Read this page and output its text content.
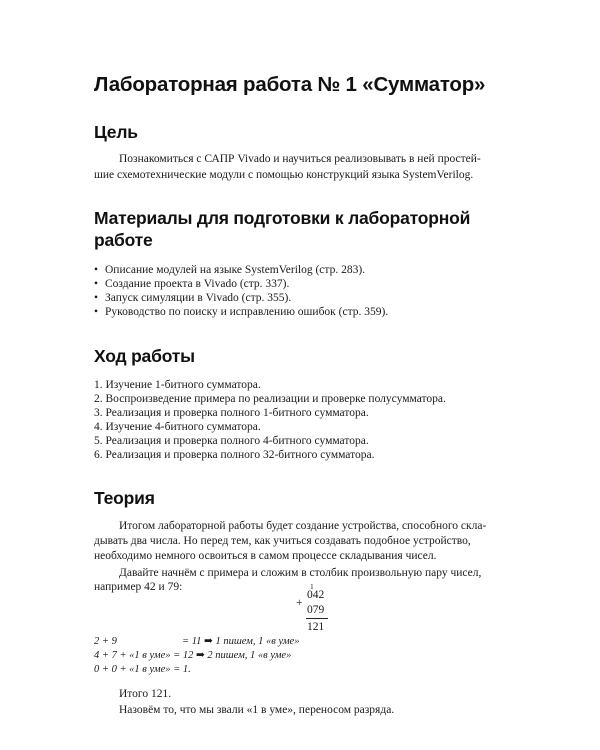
Лабораторная работа № 1 «Сумматор»
Цель

Познакомиться с САПР Vivado и научиться реализовывать в ней простей-

шие схемотехнические модули с помощью конструкций языка SystemVerilog.

Материалы для подготовки к лабораторной
работе
• Описание модулей на языке SystemVerilog (стр. 283).
• Создание проекта в Vivado (стр. 337).
• Запуск симуляции в Vivado (стр. 355).
• Руководство по поиску и исправлению ошибок (стр. 359).
Ход работы
1. Изучение 1-битного сумматора.
2. Воспроизведение примера по реализации и проверке полусумматора.
3. Реализация и проверка полного 1-битного сумматора.
4. Изучение 4-битного сумматора.
5. Реализация и проверка полного 4-битного сумматора.
6. Реализация и проверка полного 32-битного сумматора.
Теория

Итогом лабораторной работы будет создание устройства, способного скла-

дывать два числа. Но перед тем, как учиться создавать подобное устройство,

необходимо немного освоиться в самом процессе складывания чисел.

Давайте начнём с примера и сложим в столбик произвольную пару чисел,

например 42 и 79:

+
1
042
079
121
2 + 9	= 11 ➡ 1 пишем, 1 «в уме»
4 + 7 + «1 в уме» = 12 ➡ 2 пишем, 1 «в уме»
0 + 0 + «1 в уме» = 1.

Итого 121.

Назовём то, что мы звали «1 в уме», переносом разряда.
